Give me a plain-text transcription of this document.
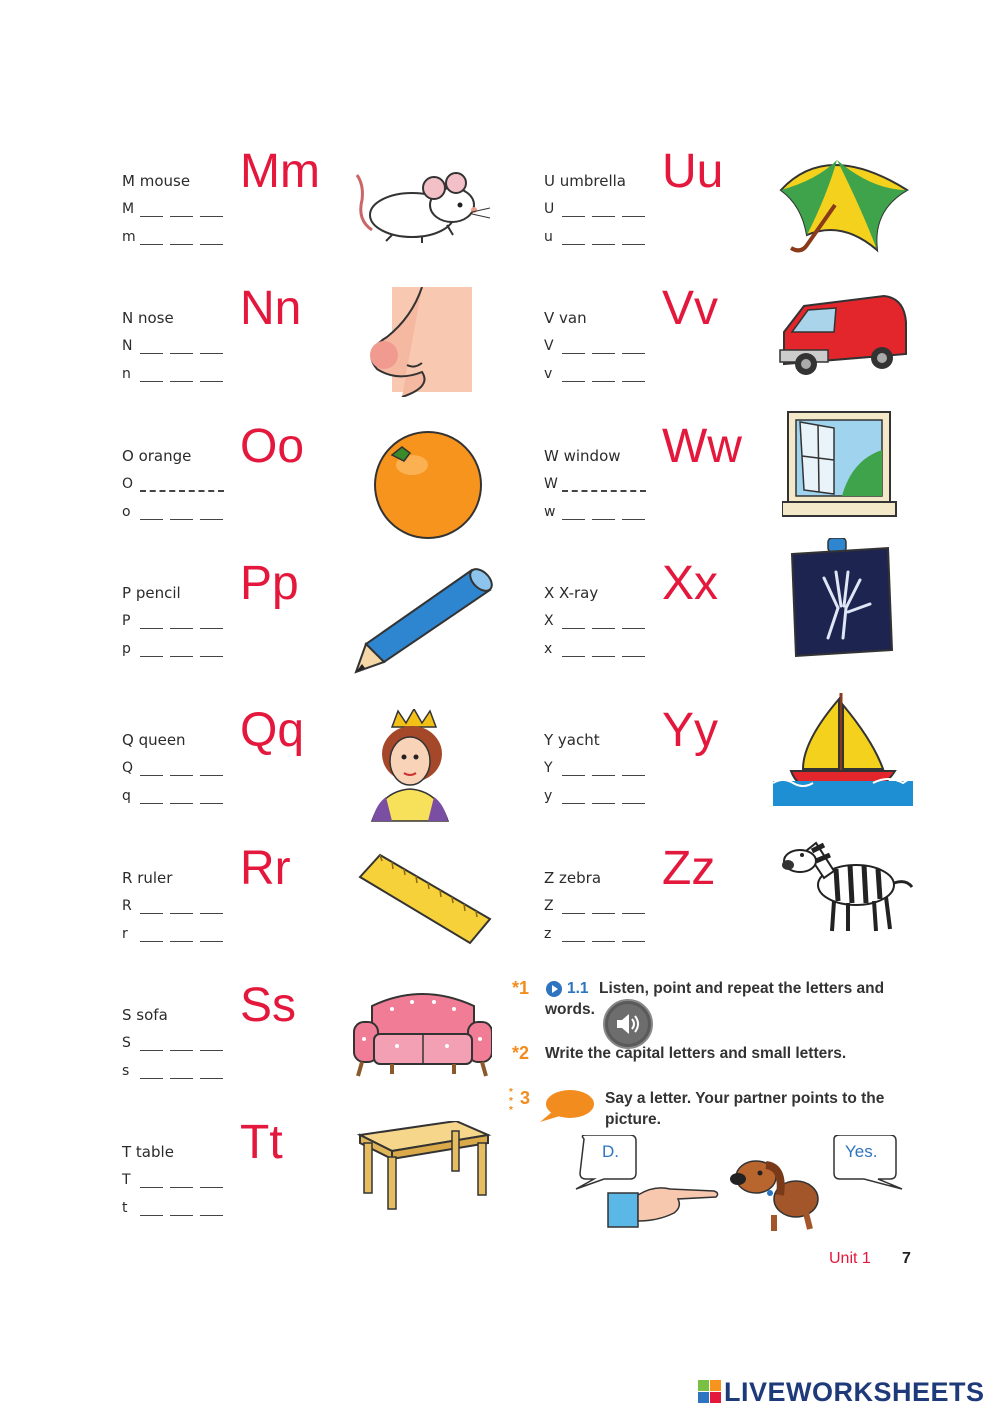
M mouse
M
m
Mm
N nose
N
n
Nn
O orange
O
o
Oo
P pencil
P
p
Pp
Q queen
Q
q
Qq
R ruler
R
r
Rr
S sofa
S
s
Ss
T table
T
t
Tt
U umbrella
U
u
Uu
V van
V
v
Vv
W window
W
w
Ww
X X-ray
X
x
Xx
Y yacht
Y
y
Yy
Z zebra
Z
z
Zz
*1 1.1 Listen, point and repeat the letters and
words.
*2 Write the capital letters and small letters.
*
*
*
3	Say a letter. Your partner points to the
picture.
D.	Yes.
Unit 1 7
LIVEWORKSHEETS
